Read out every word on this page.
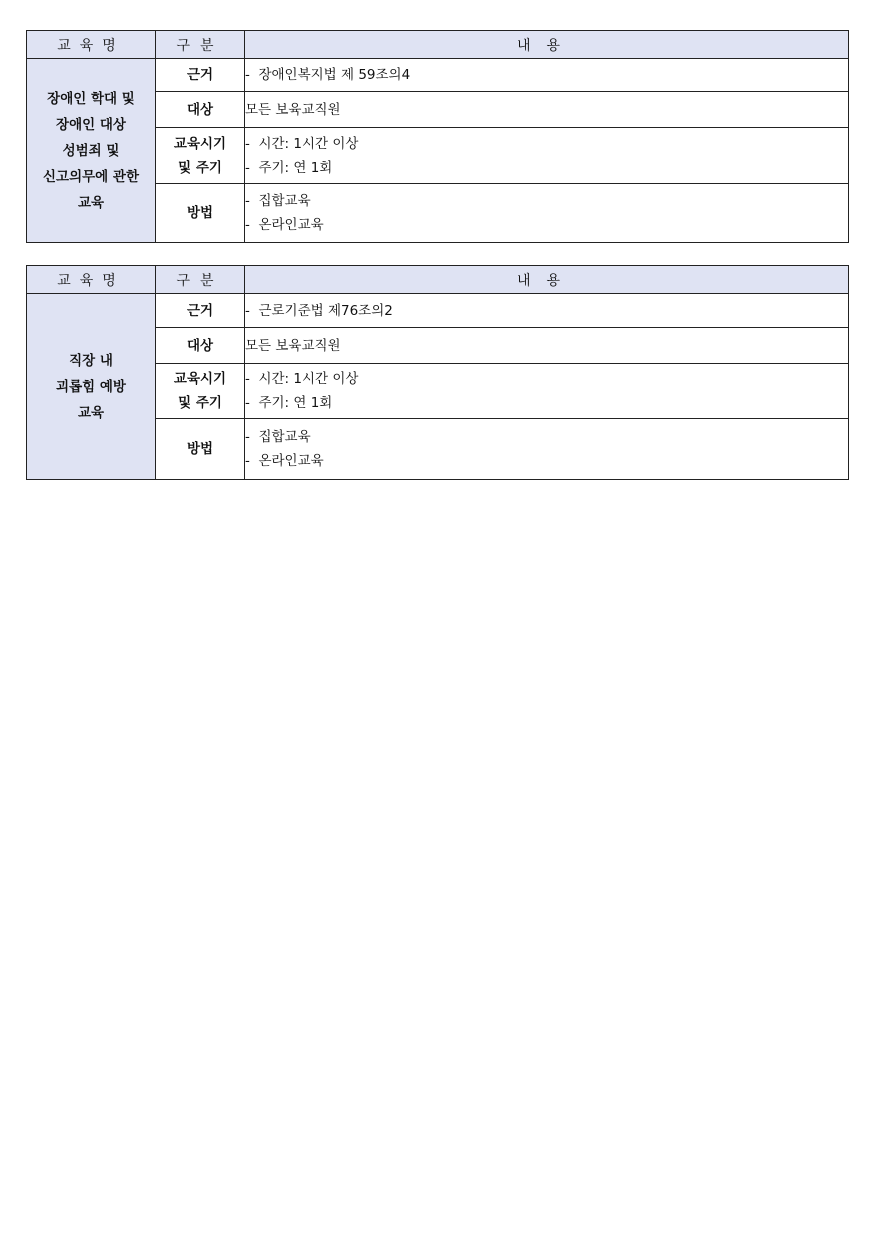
교육명	구분	내용

장애인 학대 및
장애인 대상
성범죄 및
신고의무에 관한
교육	근거	-  장애인복지법 제 59조의4

	대상	모든 보육교직원

	교육시기
및 주기	-  시간: 1시간 이상
-  주기: 연 1회

	방법	-  집합교육
-  온라인교육
교육명	구분	내용

직장 내
괴롭힘 예방
교육	근거	-  근로기준법 제76조의2

	대상	모든 보육교직원

	교육시기
및 주기	-  시간: 1시간 이상
-  주기: 연 1회

	방법	-  집합교육
-  온라인교육
